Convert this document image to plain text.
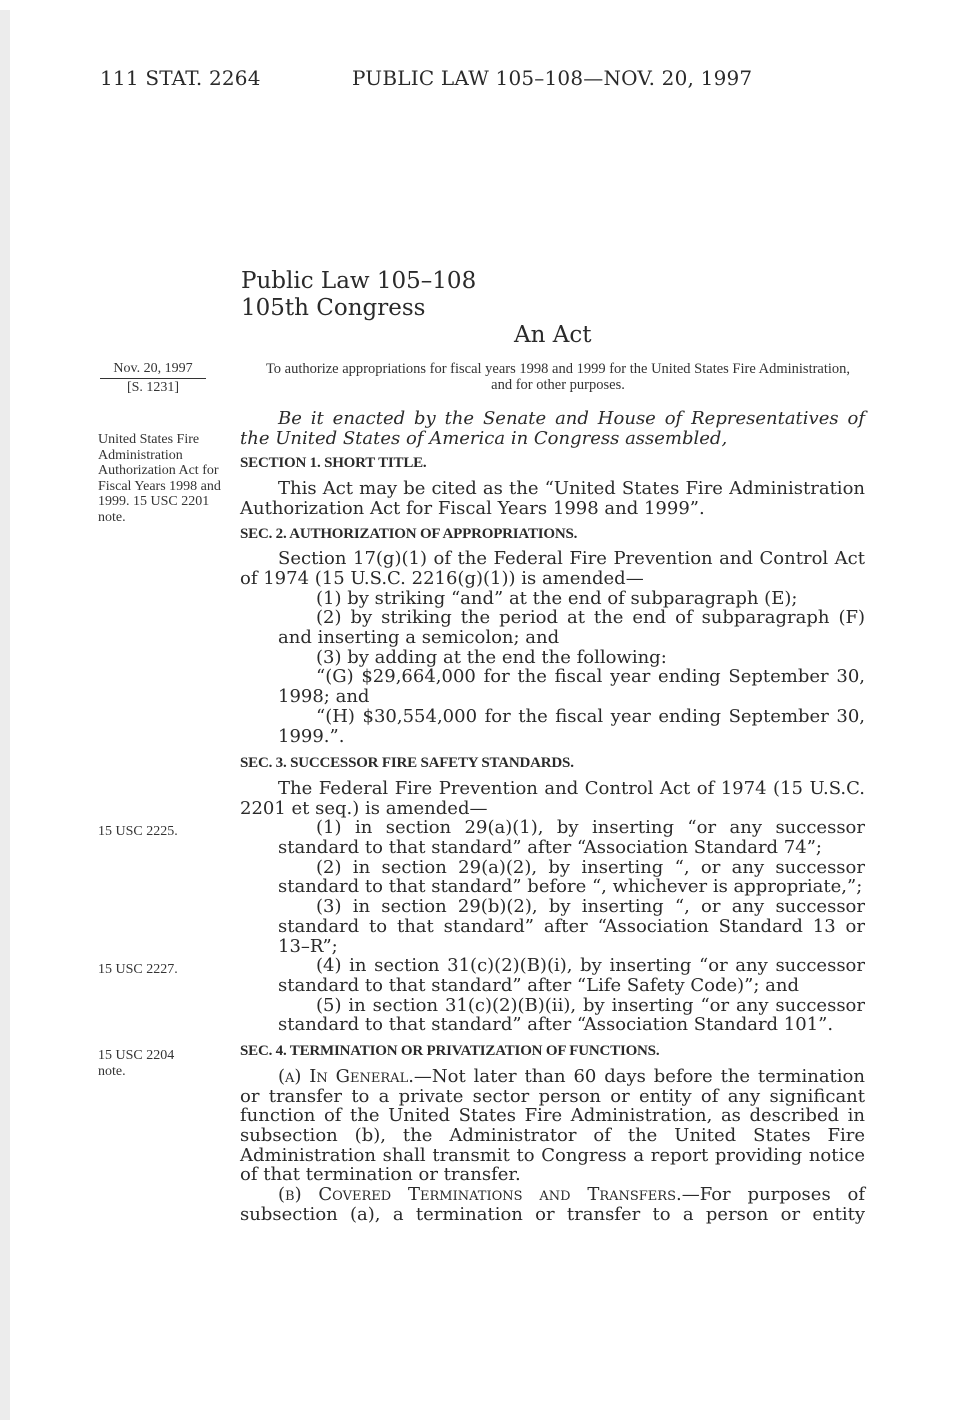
111 STAT. 2264	PUBLIC LAW 105–108—NOV. 20, 1997
Public Law 105–108
105th Congress
An Act
Nov. 20, 1997
[S. 1231]
To authorize appropriations for fiscal years 1998 and 1999 for the United States Fire Administration, and for other purposes.
United States Fire Administration Authorization Act for Fiscal Years 1998 and 1999. 15 USC 2201 note.
15 USC 2225.
15 USC 2227.
15 USC 2204 note.

Be it enacted by the Senate and House of Representatives of the United States of America in Congress assembled,

SECTION 1. SHORT TITLE.

This Act may be cited as the “United States Fire Administration Authorization Act for Fiscal Years 1998 and 1999”.

SEC. 2. AUTHORIZATION OF APPROPRIATIONS.

Section 17(g)(1) of the Federal Fire Prevention and Control Act of 1974 (15 U.S.C. 2216(g)(1)) is amended—

(1) by striking “and” at the end of subparagraph (E);

(2) by striking the period at the end of subparagraph (F) and inserting a semicolon; and

(3) by adding at the end the following:

“(G) $29,664,000 for the fiscal year ending September 30, 1998; and

“(H) $30,554,000 for the fiscal year ending September 30, 1999.”.

SEC. 3. SUCCESSOR FIRE SAFETY STANDARDS.

The Federal Fire Prevention and Control Act of 1974 (15 U.S.C. 2201 et seq.) is amended—

(1) in section 29(a)(1), by inserting “or any successor standard to that standard” after “Association Standard 74”;

(2) in section 29(a)(2), by inserting “, or any successor standard to that standard” before “, whichever is appropriate,”;

(3) in section 29(b)(2), by inserting “, or any successor standard to that standard” after “Association Standard 13 or 13–R”;

(4) in section 31(c)(2)(B)(i), by inserting “or any successor standard to that standard” after “Life Safety Code)”; and

(5) in section 31(c)(2)(B)(ii), by inserting “or any successor standard to that standard” after “Association Standard 101”.

SEC. 4. TERMINATION OR PRIVATIZATION OF FUNCTIONS.

(a) In General.—Not later than 60 days before the termination or transfer to a private sector person or entity of any significant function of the United States Fire Administration, as described in subsection (b), the Administrator of the United States Fire Administration shall transmit to Congress a report providing notice of that termination or transfer.

(b) Covered Terminations and Transfers.—For purposes of subsection (a), a termination or transfer to a person or entity
